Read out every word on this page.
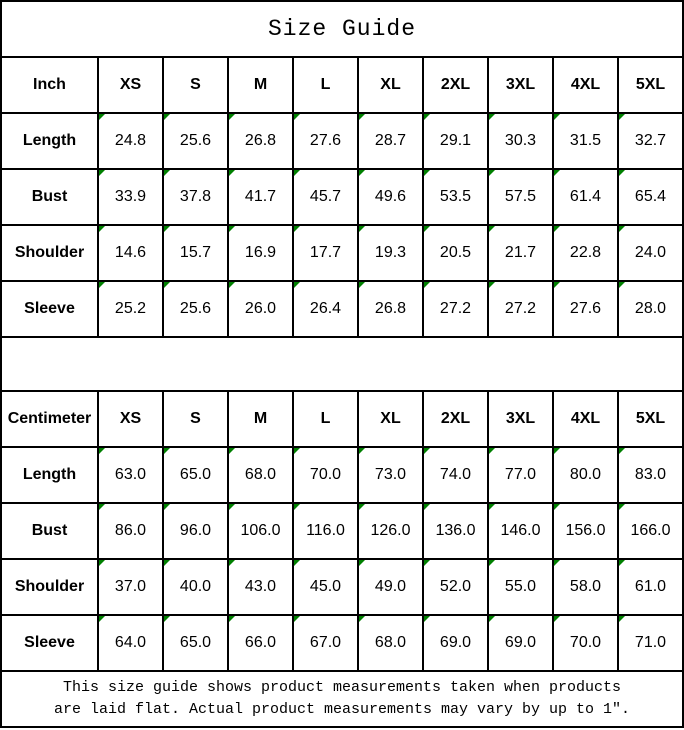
Size Guide									
Inch	XS	S	M	L	XL	2XL	3XL	4XL	5XL
Length	24.8	25.6	26.8	27.6	28.7	29.1	30.3	31.5	32.7
Bust	33.9	37.8	41.7	45.7	49.6	53.5	57.5	61.4	65.4
Shoulder	14.6	15.7	16.9	17.7	19.3	20.5	21.7	22.8	24.0
Sleeve	25.2	25.6	26.0	26.4	26.8	27.2	27.2	27.6	28.0

Centimeter	XS	S	M	L	XL	2XL	3XL	4XL	5XL
Length	63.0	65.0	68.0	70.0	73.0	74.0	77.0	80.0	83.0
Bust	86.0	96.0	106.0	116.0	126.0	136.0	146.0	156.0	166.0
Shoulder	37.0	40.0	43.0	45.0	49.0	52.0	55.0	58.0	61.0
Sleeve	64.0	65.0	66.0	67.0	68.0	69.0	69.0	70.0	71.0

This size guide shows product measurements taken when products
are laid flat. Actual product measurements may vary by up to 1″.									
